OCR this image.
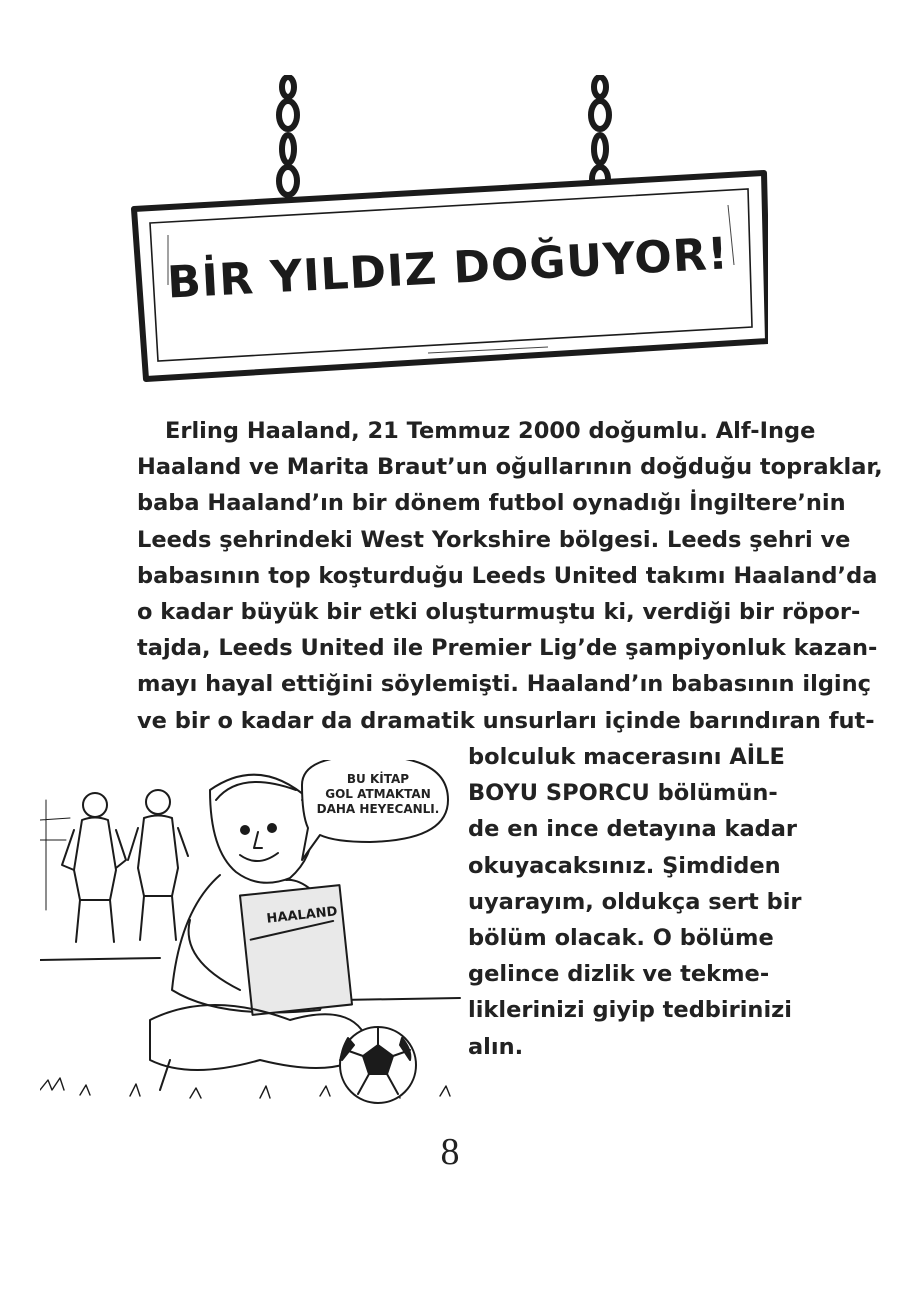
BİR YILDIZ DOĞUYOR!
Erling Haaland, 21 Temmuz 2000 doğumlu. Alf-Inge
Haaland ve Marita Braut’un oğullarının doğduğu topraklar,
baba Haaland’ın bir dönem futbol oynadığı İngiltere’nin
Leeds şehrindeki West Yorkshire bölgesi. Leeds şehri ve
babasının top koşturduğu Leeds United takımı Haaland’da
o kadar büyük bir etki oluşturmuştu ki, verdiği bir röpor-
tajda, Leeds United ile Premier Lig’de şampiyonluk kazan-
mayı hayal ettiğini söylemişti. Haaland’ın babasının ilginç
ve bir o kadar da dramatik unsurları içinde barındıran fut-
bolculuk macerasını AİLE
BOYU SPORCU bölümün-
de en ince detayına kadar
okuyacaksınız. Şimdiden
uyarayım, oldukça sert bir
bölüm olacak. O bölüme
gelince dizlik ve tekme-
liklerinizi giyip tedbirinizi
alın.
BU KİTAP
GOL ATMAKTAN
DAHA HEYECANLI.
HAALAND
8
